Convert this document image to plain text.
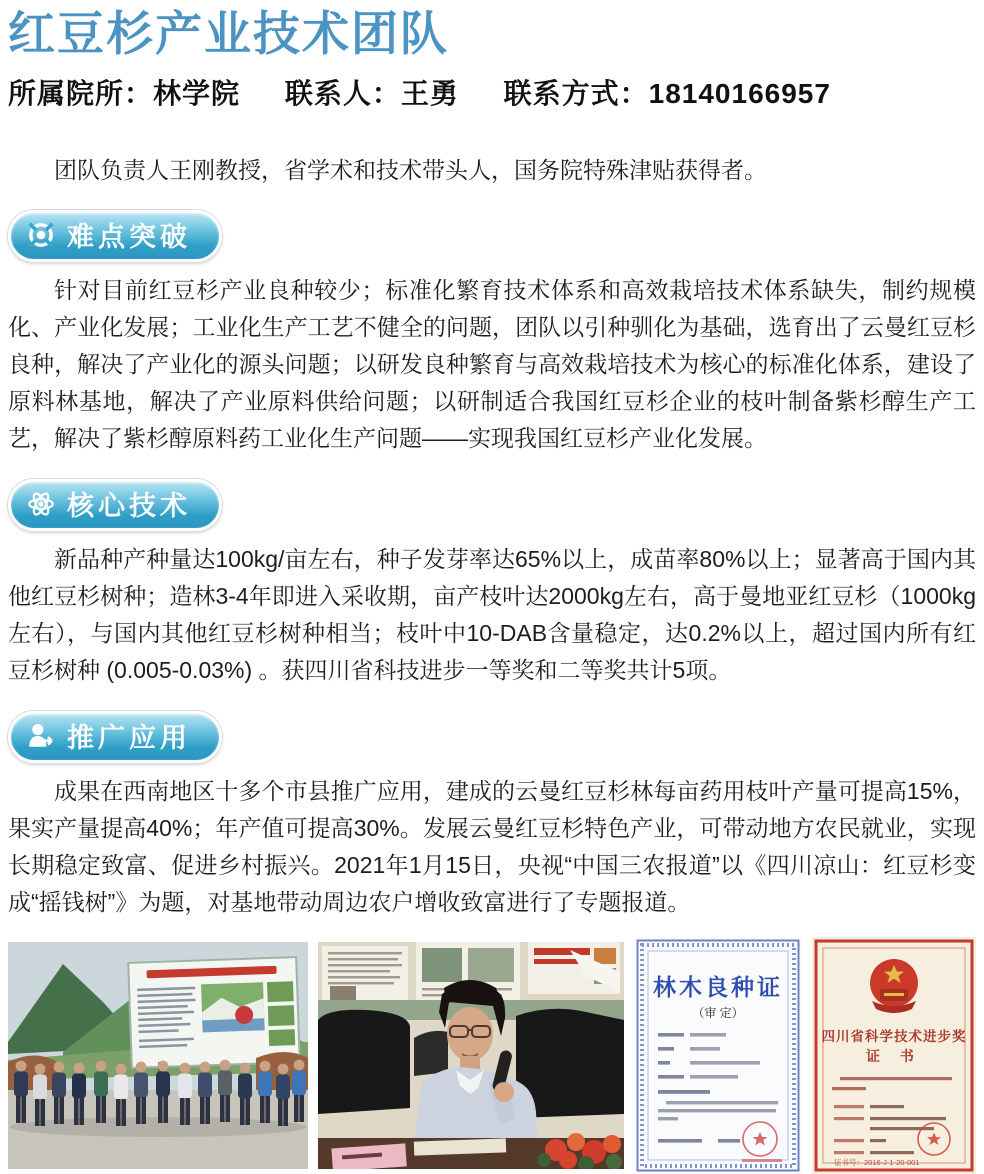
红豆杉产业技术团队
所属院所：林学院 联系人：王勇 联系方式：18140166957

团队负责人王刚教授，省学术和技术带头人，国务院特殊津贴获得者。

难点突破

针对目前红豆杉产业良种较少；标准化繁育技术体系和高效栽培技术体系缺失，制约规模化、产业化发展；工业化生产工艺不健全的问题，团队以引种驯化为基础，选育出了云曼红豆杉良种，解决了产业化的源头问题；以研发良种繁育与高效栽培技术为核心的标准化体系，建设了原料林基地，解决了产业原料供给问题；以研制适合我国红豆杉企业的枝叶制备紫杉醇生产工艺，解决了紫杉醇原料药工业化生产问题——实现我国红豆杉产业化发展。

核心技术

新品种产种量达100kg/亩左右，种子发芽率达65%以上，成苗率80%以上；显著高于国内其他红豆杉树种；造林3-4年即进入采收期，亩产枝叶达2000kg左右，高于曼地亚红豆杉（1000kg左右），与国内其他红豆杉树种相当；枝叶中10-DAB含量稳定，达0.2%以上，超过国内所有红豆杉树种 (0.005-0.03%) 。获四川省科技进步一等奖和二等奖共计5项。

推广应用

成果在西南地区十多个市县推广应用，建成的云曼红豆杉林每亩药用枝叶产量可提高15%，果实产量提高40%；年产值可提高30%。发展云曼红豆杉特色产业，可带动地方农民就业，实现长期稳定致富、促进乡村振兴。2021年1月15日，央视“中国三农报道”以《四川凉山：红豆杉变成“摇钱树”》为题，对基地带动周边农户增收致富进行了专题报道。

林木良种证
（审 定）
四川省科学技术进步奖
证 书
证书号：2016-J-1-20-001
